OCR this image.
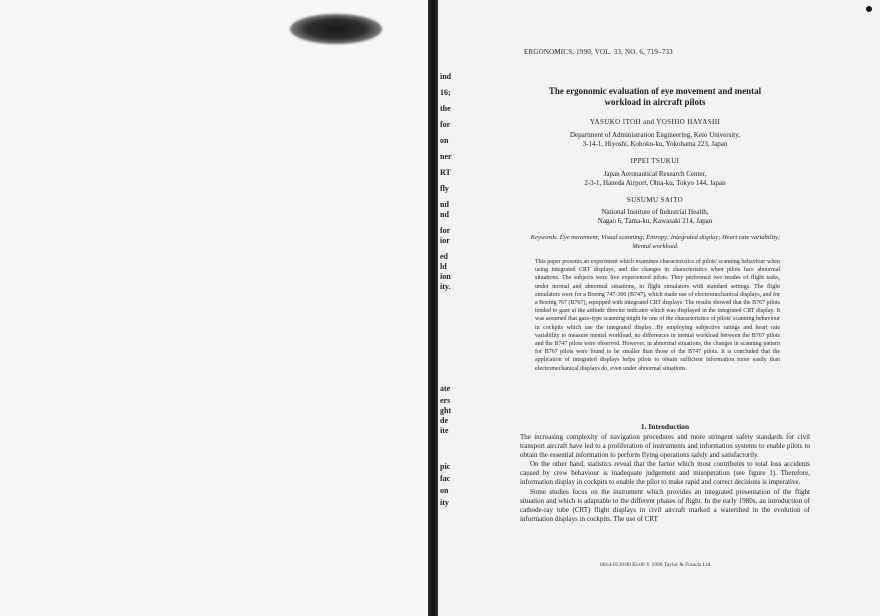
ind
16;
the
for
on
ner
RT
fly
nd
nd
for
ior
ed
ld
ion
ity.
ate
ers
ght
de
ite
pic
fac
on
ity
ERGONOMICS, 1990, VOL. 33, NO. 6, 719–733
The ergonomic evaluation of eye movement and mental workload in aircraft pilots
YASUKO ITOH and YOSHIO HAYASHI
Department of Administration Engineering, Keio University,
3-14-1, Hiyoshi, Kohoku-ku, Yokohama 223, Japan
IPPEI TSUKUI
Japan Aeronautical Research Center,
2-3-1, Haneda Airport, Ohta-ku, Tokyo 144, Japan
SUSUMU SAITO
National Institute of Industrial Health,
Nagao 6, Tama-ku, Kawasaki 214, Japan
Keywords. Eye movement; Visual scanning; Entropy; Integrated display; Heart rate variability; Mental workload.
This paper presents an experiment which examines characteristics of pilots' scanning behaviour when using integrated CRT displays, and the changes in characteristics when pilots face abnormal situations. The subjects were live experienced pilots. They performed two modes of flight tasks, under normal and abnormal situations, in flight simulators with standard settings. The flight simulators were for a Boeing 747-300 (B747), which made use of electromechanical displays, and for a Boeing 767 (B767), equipped with integrated CRT displays. The results showed that the B767 pilots tended to gaze at the attitude director indicator which was displayed in the integrated CRT display. It was assumed that gaze-type scanning might be one of the characteristics of pilots' scanning behaviour in cockpits which use the integrated display. By employing subjective ratings and heart rate variability to measure mental workload, no differences in mental workload between the B767 pilots and the B747 pilots were observed. However, in abnormal situations, the changes in scanning pattern for B767 pilots were found to be smaller than those of the B747 pilots. It is concluded that the application of integrated displays helps pilots to obtain sufficient information more easily than electromechanical displays do, even under abnormal situations.
1. Introduction

The increasing complexity of navigation procedures and more stringent safety standards for civil transport aircraft have led to a proliferation of instruments and information systems to enable pilots to obtain the essential information to perform flying operations safely and satisfactorily.

On the other hand, statistics reveal that the factor which most contributes to total loss accidents caused by crew behaviour is inadequate judgement and misoperation (see figure 1). Therefore, information display in cockpits to enable the pilot to make rapid and correct decisions is imperative.

Some studies focus on the instrument which provides an integrated presentation of the flight situation and which is adaptable to the different phases of flight. In the early 1980s, an introduction of cathode-ray tube (CRT) flight displays in civil aircraft marked a watershed in the evolution of information displays in cockpits. The use of CRT

0014-0139/90 $3.00 © 1990 Taylor & Francis Ltd.
